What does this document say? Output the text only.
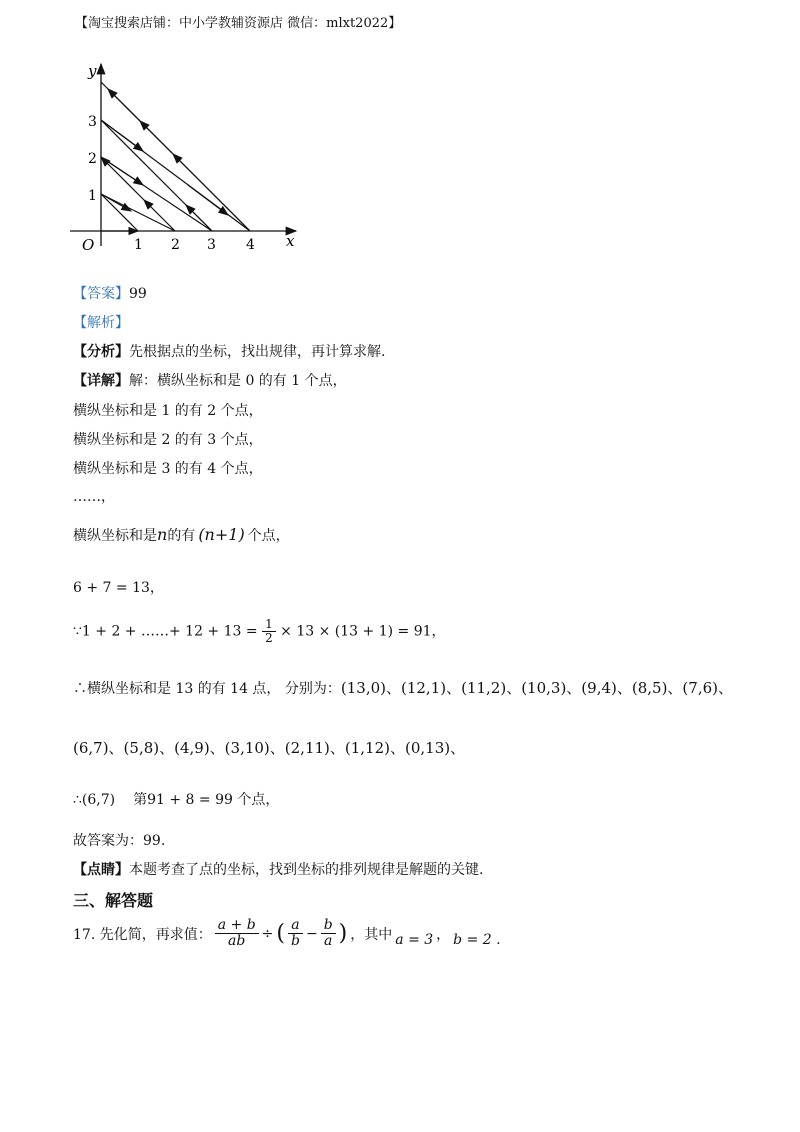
【淘宝搜索店铺：中小学教辅资源店 微信：mlxt2022】
y
x
O
1
2
3
1 2 3 4
【答案】99
【解析】
【分析】先根据点的坐标，找出规律，再计算求解.
【详解】解：横纵坐标和是 0 的有 1 个点，
横纵坐标和是 1 的有 2 个点，
横纵坐标和是 2 的有 3 个点，
横纵坐标和是 3 的有 4 个点，
……，
横纵坐标和是n的有 (n+1) 个点，
6 + 7 = 13，
∵1 + 2 + ……+ $12 + 13 = \frac{1}{2} \times 13 \times (13 + 1) = 91$，
∴横纵坐标和是 13 的有 14 点， 分别为：(13,0)、(12,1)、(11,2)、(10,3)、(9,4)、(8,5)、(7,6)、
(6,7)、(5,8)、(4,9)、(3,10)、(2,11)、(1,12)、(0,13)、
∴(6,7) 第91 + 8 = 99 个点，
故答案为：99.
【点睛】本题考查了点的坐标，找到坐标的排列规律是解题的关键.
三、解答题
17. 先化简，再求值： $\frac{a + b}{ab}$ ÷ ( $\frac{a}{b} - \frac{b}{a}$ ) ，其中 a = 3 ， b = 2 .
